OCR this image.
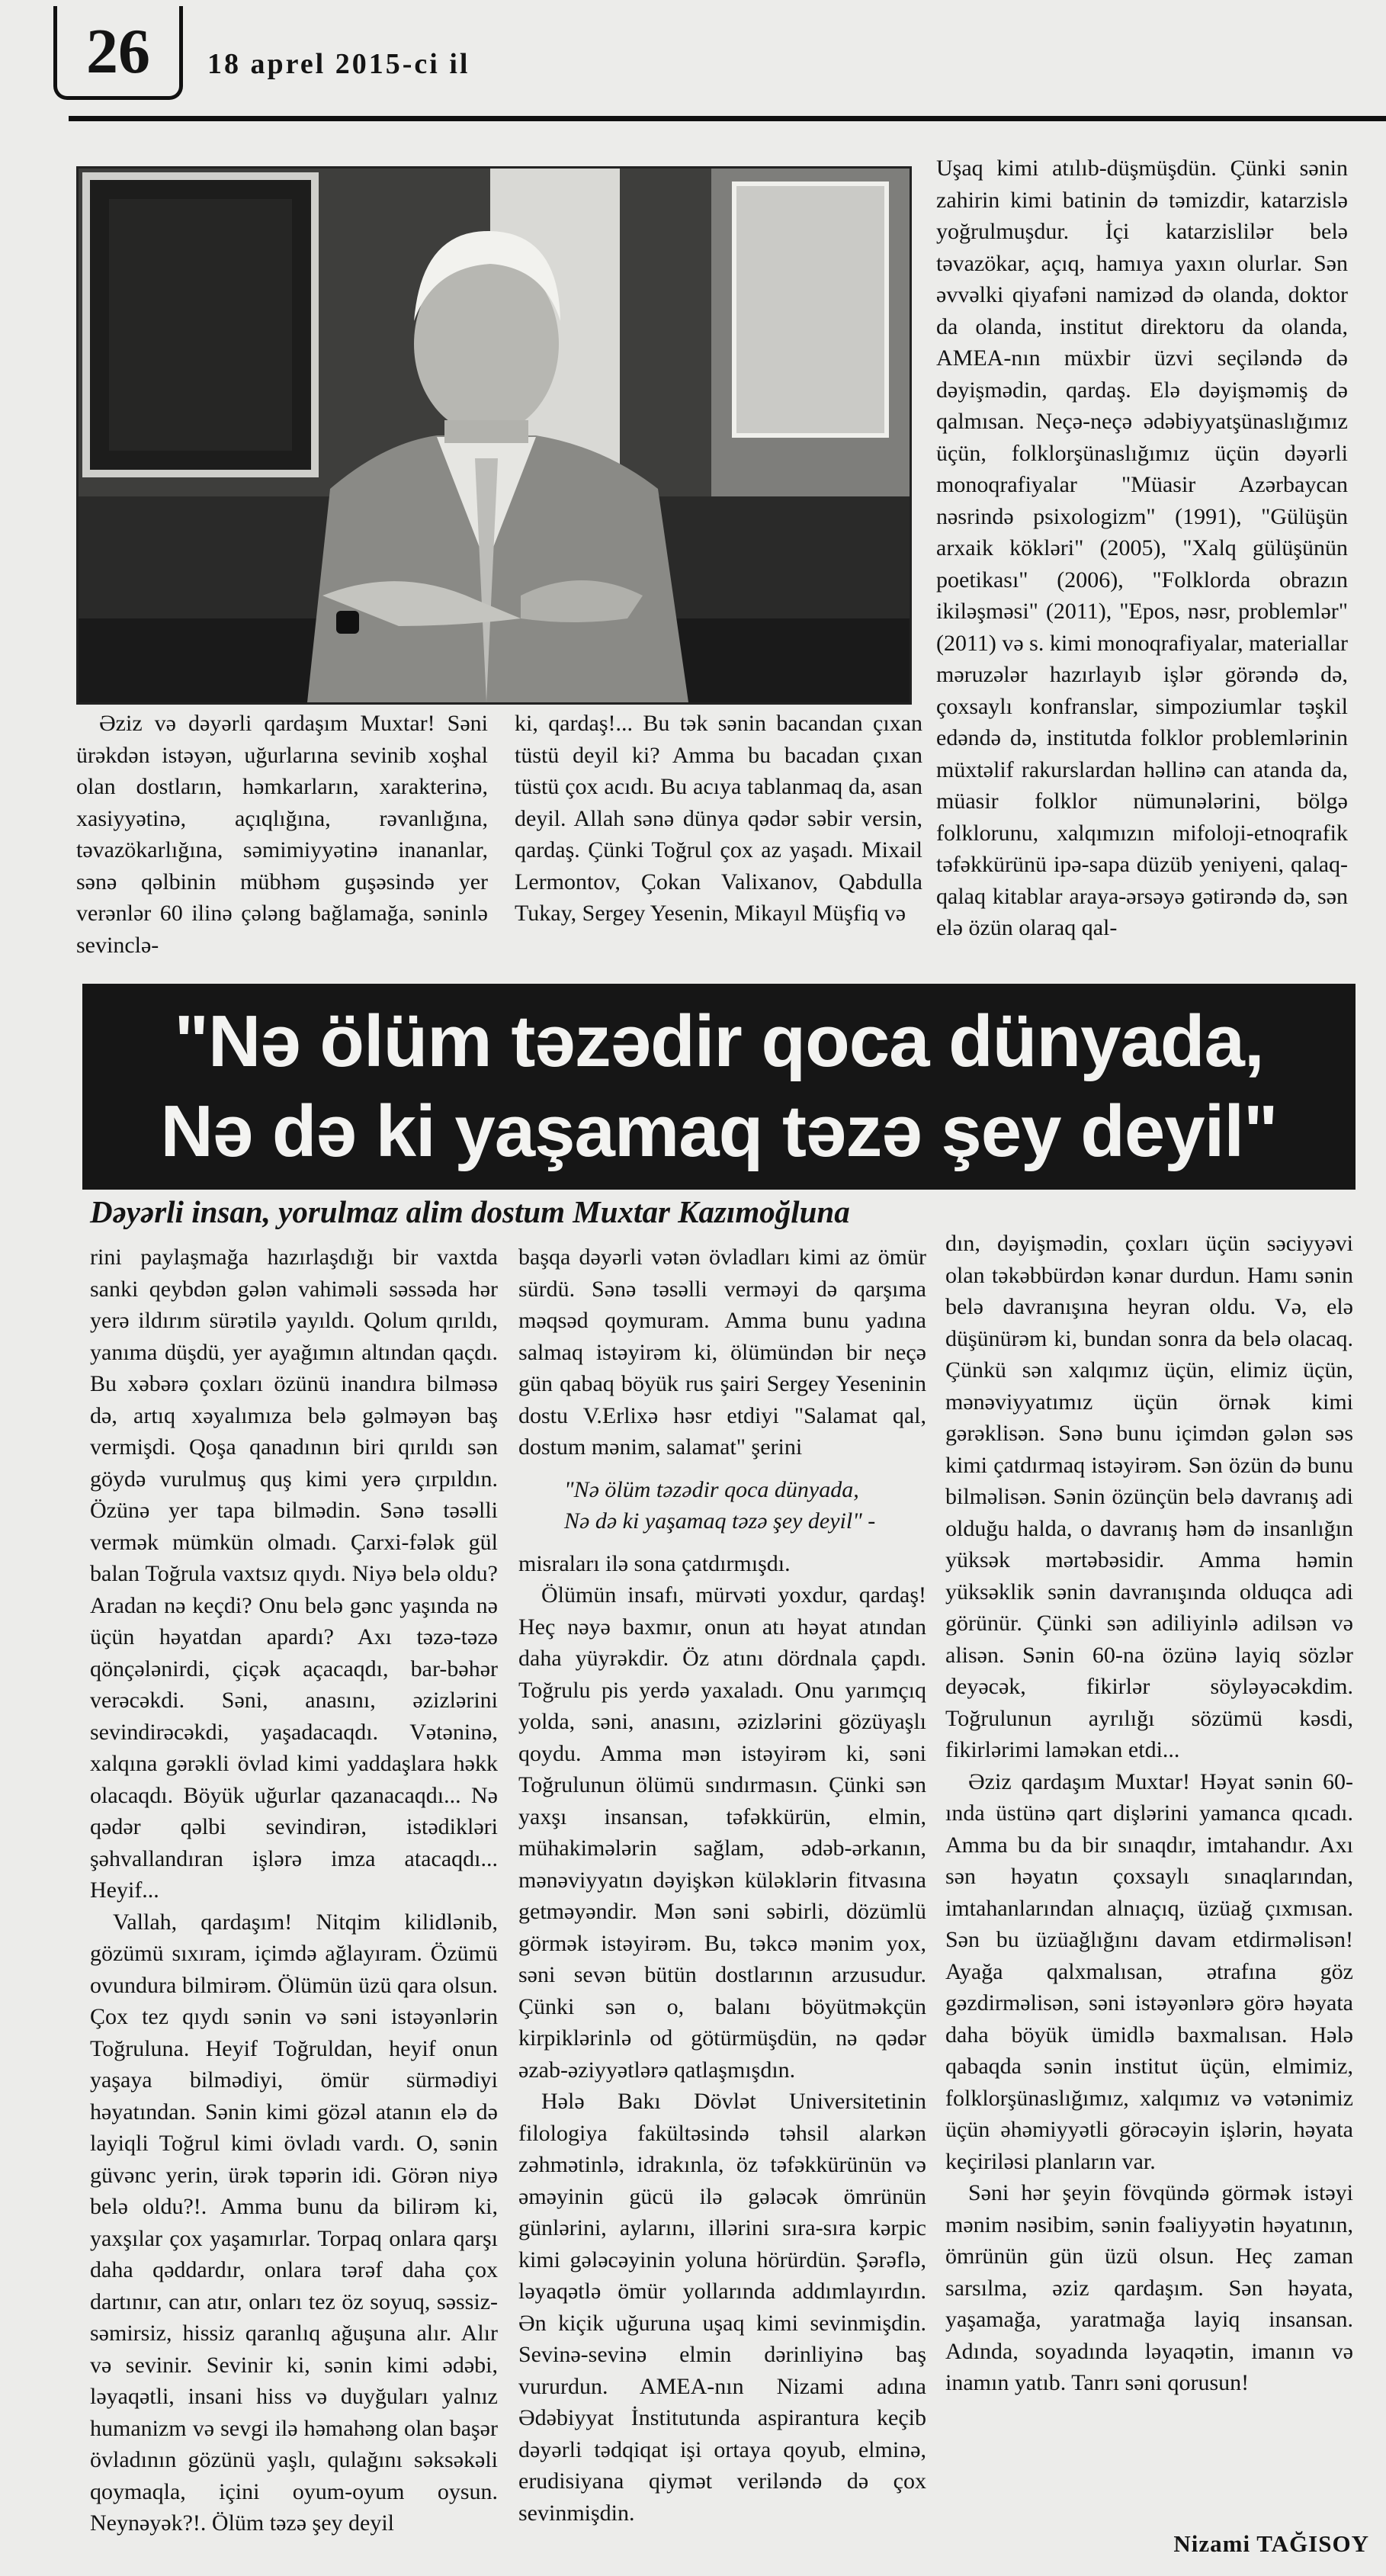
26	18 aprel 2015-ci il

Əziz və dəyərli qardaşım Muxtar! Səni ürəkdən istəyən, uğurlarına sevinib xoşhal olan dostların, həmkarların, xarakterinə, xasiyyətinə, açıqlığına, rəvanlığına, təvazökarlığına, səmimiyyətinə inananlar, sənə qəlbinin mübhəm guşəsində yer verənlər 60 ilinə çələng bağlamağa, səninlə sevinclə-

ki, qardaş!... Bu tək sənin bacandan çıxan tüstü deyil ki? Amma bu bacadan çıxan tüstü çox acıdı. Bu acıya tablanmaq da, asan deyil. Allah sənə dünya qədər səbir versin, qardaş. Çünki Toğrul çox az yaşadı. Mixail Lermontov, Çokan Valixanov, Qabdulla Tukay, Sergey Yesenin, Mikayıl Müşfiq və

Uşaq kimi atılıb-düşmüşdün. Çünki sənin zahirin kimi batinin də təmizdir, katarzislə yoğrulmuşdur. İçi katarzislilər belə təvazökar, açıq, hamıya yaxın olurlar. Sən əvvəlki qiyafəni namizəd də olanda, doktor da olanda, institut direktoru da olanda, AMEA-nın müxbir üzvi seçiləndə də dəyişmədin, qardaş. Elə dəyişməmiş də qalmısan. Neçə-neçə ədəbiyyatşünaslığımız üçün, folklorşünaslığımız üçün dəyərli monoqrafiyalar "Müasir Azərbaycan nəsrində psixologizm" (1991), "Gülüşün arxaik kökləri" (2005), "Xalq gülüşünün poetikası" (2006), "Folklorda obrazın ikiləşməsi" (2011), "Epos, nəsr, problemlər" (2011) və s. kimi monoqrafiyalar, materiallar məruzələr hazırlayıb işlər görəndə də, çoxsaylı konfranslar, simpoziumlar təşkil edəndə də, institutda folklor problemlərinin müxtəlif rakurslardan həllinə can atanda da, müasir folklor nümunələrini, bölgə folklorunu, xalqımızın mifoloji-etnoqrafik təfəkkürünü ipə-sapa düzüb yeniyeni, qalaq-qalaq kitablar araya-ərsəyə gətirəndə də, sən elə özün olaraq qal-

"Nə ölüm təzədir qoca dünyada,
Nə də ki yaşamaq təzə şey deyil"
Dəyərli insan, yorulmaz alim dostum Muxtar Kazımoğluna

rini paylaşmağa hazırlaşdığı bir vaxtda sanki qeybdən gələn vahiməli səssəda hər yerə ildırım sürətilə yayıldı. Qolum qırıldı, yanıma düşdü, yer ayağımın altından qaçdı. Bu xəbərə çoxları özünü inandıra bilməsə də, artıq xəyalımıza belə gəlməyən baş vermişdi. Qoşa qanadının biri qırıldı sən göydə vurulmuş quş kimi yerə çırpıldın. Özünə yer tapa bilmədin. Sənə təsəlli vermək mümkün olmadı. Çarxi-fələk gül balan Toğrula vaxtsız qıydı. Niyə belə oldu? Aradan nə keçdi? Onu belə gənc yaşında nə üçün həyatdan apardı? Axı təzə-təzə qönçələnirdi, çiçək açacaqdı, bar-bəhər verəcəkdi. Səni, anasını, əzizlərini sevindirəcəkdi, yaşadacaqdı. Vətəninə, xalqına gərəkli övlad kimi yaddaşlara həkk olacaqdı. Böyük uğurlar qazanacaqdı... Nə qədər qəlbi sevindirən, istədikləri şəhvallandıran işlərə imza atacaqdı... Heyif...

Vallah, qardaşım! Nitqim kilidlənib, gözümü sıxıram, içimdə ağlayıram. Özümü ovundura bilmirəm. Ölümün üzü qara olsun. Çox tez qıydı sənin və səni istəyənlərin Toğruluna. Heyif Toğruldan, heyif onun yaşaya bilmədiyi, ömür sürmədiyi həyatından. Sənin kimi gözəl atanın elə də layiqli Toğrul kimi övladı vardı. O, sənin güvənc yerin, ürək təpərin idi. Görən niyə belə oldu?!. Amma bunu da bilirəm ki, yaxşılar çox yaşamırlar. Torpaq onlara qarşı daha qəddardır, onlara tərəf daha çox dartınır, can atır, onları tez öz soyuq, səssiz-səmirsiz, hissiz qaranlıq ağuşuna alır. Alır və sevinir. Sevinir ki, sənin kimi ədəbi, ləyaqətli, insani hiss və duyğuları yalnız humanizm və sevgi ilə həmahəng olan başər övladının gözünü yaşlı, qulağını səksəkəli qoymaqla, içini oyum-oyum oysun. Neynəyək?!. Ölüm təzə şey deyil

başqa dəyərli vətən övladları kimi az ömür sürdü. Sənə təsəlli verməyi də qarşıma məqsəd qoymuram. Amma bunu yadına salmaq istəyirəm ki, ölümündən bir neçə gün qabaq böyük rus şairi Sergey Yeseninin dostu V.Erlixə həsr etdiyi "Salamat qal, dostum mənim, salamat" şerini

"Nə ölüm təzədir qoca dünyada,

Nə də ki yaşamaq təzə şey deyil" -

misraları ilə sona çatdırmışdı.

Ölümün insafı, mürvəti yoxdur, qardaş! Heç nəyə baxmır, onun atı həyat atından daha yüyrəkdir. Öz atını dördnala çapdı. Toğrulu pis yerdə yaxaladı. Onu yarımçıq yolda, səni, anasını, əzizlərini gözüyaşlı qoydu. Amma mən istəyirəm ki, səni Toğrulunun ölümü sındırmasın. Çünki sən yaxşı insansan, təfəkkürün, elmin, mühakimələrin sağlam, ədəb-ərkanın, mənəviyyatın dəyişkən küləklərin fitvasına getməyəndir. Mən səni səbirli, dözümlü görmək istəyirəm. Bu, təkcə mənim yox, səni sevən bütün dostlarının arzusudur. Çünki sən o, balanı böyütməkçün kirpiklərinlə od götürmüşdün, nə qədər əzab-əziyyətlərə qatlaşmışdın.

Hələ Bakı Dövlət Universitetinin filologiya fakültəsində təhsil alarkən zəhmətinlə, idrakınla, öz təfəkkürünün və əməyinin gücü ilə gələcək ömrünün günlərini, aylarını, illərini sıra-sıra kərpic kimi gələcəyinin yoluna hörürdün. Şərəflə, ləyaqətlə ömür yollarında addımlayırdın. Ən kiçik uğuruna uşaq kimi sevinmişdin. Sevinə-sevinə elmin dərinliyinə baş vururdun. AMEA-nın Nizami adına Ədəbiyyat İnstitutunda aspirantura keçib dəyərli tədqiqat işi ortaya qoyub, elminə, erudisiyana qiymət veriləndə də çox sevinmişdin.

dın, dəyişmədin, çoxları üçün səciyyəvi olan təkəbbürdən kənar durdun. Hamı sənin belə davranışına heyran oldu. Və, elə düşünürəm ki, bundan sonra da belə olacaq. Çünkü sən xalqımız üçün, elimiz üçün, mənəviyyatımız üçün örnək kimi gərəklisən. Sənə bunu içimdən gələn səs kimi çatdırmaq istəyirəm. Sən özün də bunu bilməlisən. Sənin özünçün belə davranış adi olduğu halda, o davranış həm də insanlığın yüksək mərtəbəsidir. Amma həmin yüksəklik sənin davranışında olduqca adi görünür. Çünki sən adiliyinlə adilsən və alisən. Sənin 60-na özünə layiq sözlər deyəcək, fikirlər söyləyəcəkdim. Toğrulunun ayrılığı sözümü kəsdi, fikirlərimi laməkan etdi...

Əziz qardaşım Muxtar! Həyat sənin 60-ında üstünə qart dişlərini yamanca qıcadı. Amma bu da bir sınaqdır, imtahandır. Axı sən həyatın çoxsaylı sınaqlarından, imtahanlarından alnıaçıq, üzüağ çıxmısan. Sən bu üzüağlığını davam etdirməlisən! Ayağa qalxmalısan, ətrafına göz gəzdirməlisən, səni istəyənlərə görə həyata daha böyük ümidlə baxmalısan. Hələ qabaqda sənin institut üçün, elmimiz, folklorşünaslığımız, xalqımız və vətənimiz üçün əhəmiyyətli görəcəyin işlərin, həyata keçiriləsi planların var.

Səni hər şeyin fövqündə görmək istəyi mənim nəsibim, sənin fəaliyyətin həyatının, ömrünün gün üzü olsun. Heç zaman sarsılma, əziz qardaşım. Sən həyata, yaşamağa, yaratmağa layiq insansan. Adında, soyadında ləyaqətin, imanın və inamın yatıb. Tanrı səni qorusun!

Nizami TAĞISOY
